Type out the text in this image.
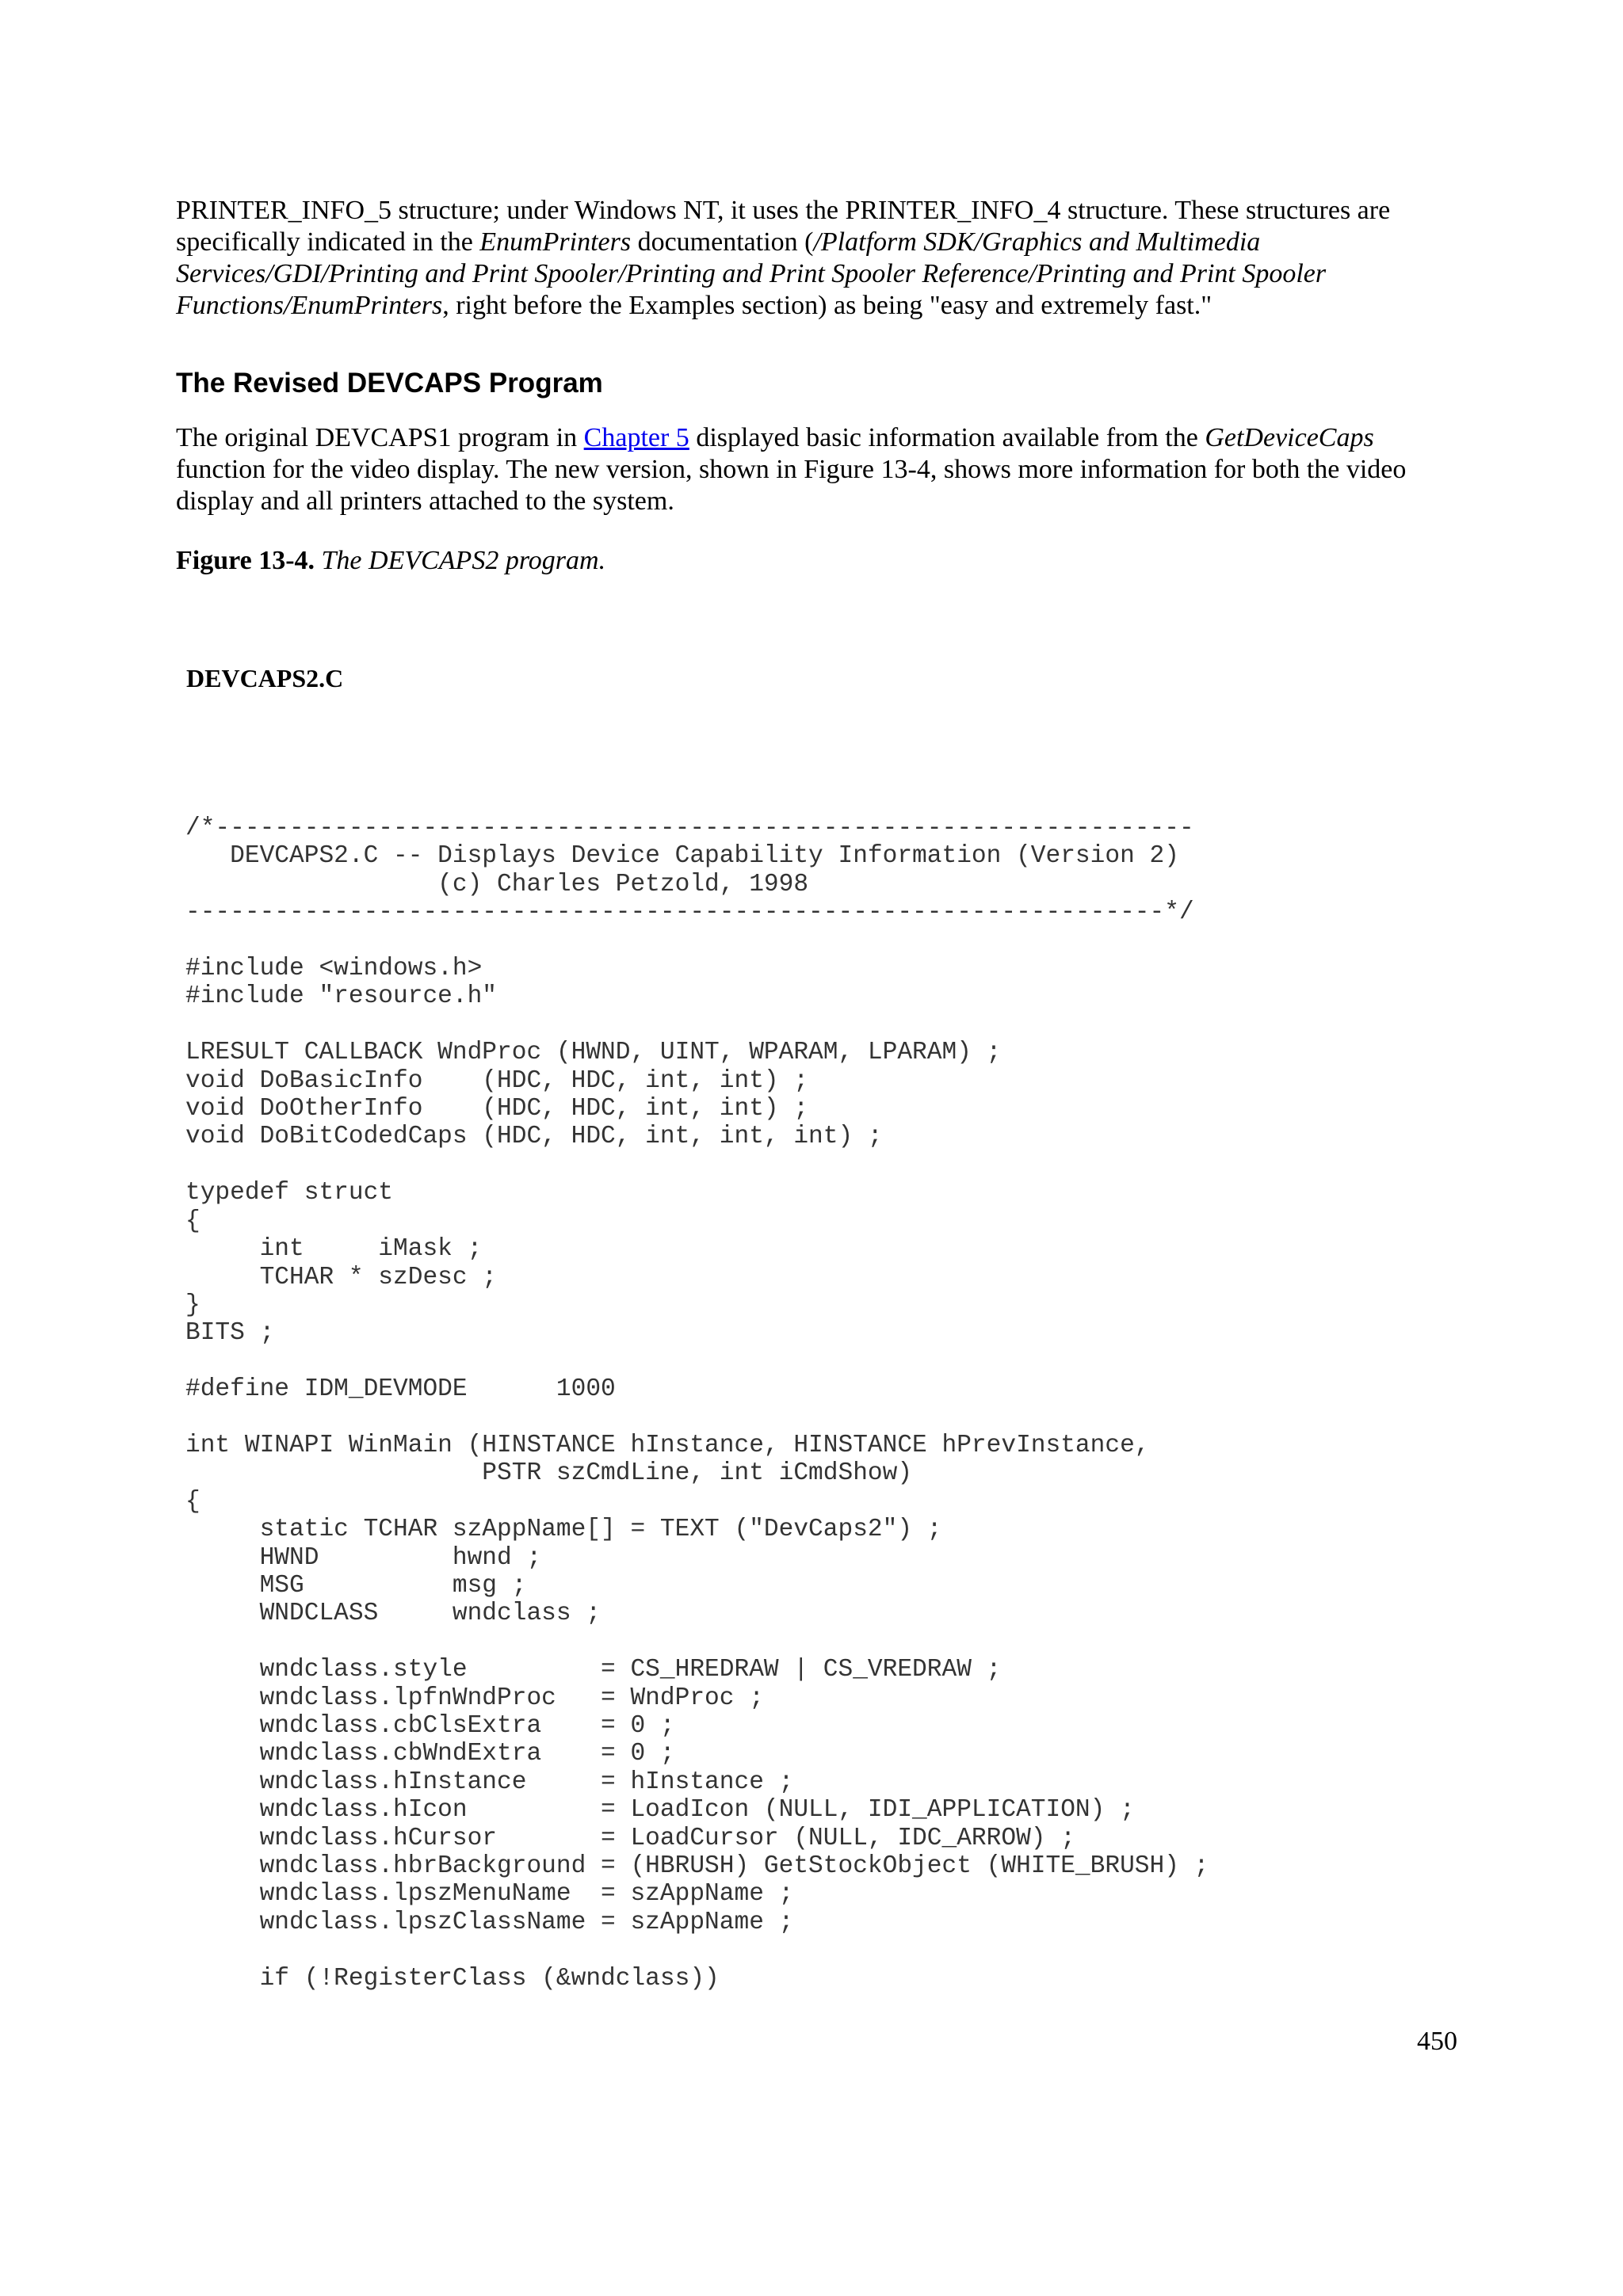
PRINTER_INFO_5 structure; under Windows NT, it uses the PRINTER_INFO_4 structure. These structures are specifically indicated in the EnumPrinters documentation (/Platform SDK/Graphics and Multimedia Services/GDI/Printing and Print Spooler/Printing and Print Spooler Reference/Printing and Print Spooler Functions/EnumPrinters, right before the Examples section) as being "easy and extremely fast."

The Revised DEVCAPS Program

The original DEVCAPS1 program in Chapter 5 displayed basic information available from the GetDeviceCaps function for the video display. The new version, shown in Figure 13-4, shows more information for both the video display and all printers attached to the system.

Figure 13-4. The DEVCAPS2 program.

DEVCAPS2.C

/*------------------------------------------------------------------
DEVCAPS2.C -- Displays Device Capability Information (Version 2)
(c) Charles Petzold, 1998
------------------------------------------------------------------*/

#include <windows.h>
#include "resource.h"

LRESULT CALLBACK WndProc (HWND, UINT, WPARAM, LPARAM) ;
void DoBasicInfo    (HDC, HDC, int, int) ;
void DoOtherInfo    (HDC, HDC, int, int) ;
void DoBitCodedCaps (HDC, HDC, int, int, int) ;

typedef struct
{
int     iMask ;
TCHAR * szDesc ;
}
BITS ;

#define IDM_DEVMODE      1000

int WINAPI WinMain (HINSTANCE hInstance, HINSTANCE hPrevInstance,
PSTR szCmdLine, int iCmdShow)
{
static TCHAR szAppName[] = TEXT ("DevCaps2") ;
HWND         hwnd ;
MSG          msg ;
WNDCLASS     wndclass ;

wndclass.style         = CS_HREDRAW | CS_VREDRAW ;
wndclass.lpfnWndProc   = WndProc ;
wndclass.cbClsExtra    = 0 ;
wndclass.cbWndExtra    = 0 ;
wndclass.hInstance     = hInstance ;
wndclass.hIcon         = LoadIcon (NULL, IDI_APPLICATION) ;
wndclass.hCursor       = LoadCursor (NULL, IDC_ARROW) ;
wndclass.hbrBackground = (HBRUSH) GetStockObject (WHITE_BRUSH) ;
wndclass.lpszMenuName  = szAppName ;
wndclass.lpszClassName = szAppName ;

if (!RegisterClass (&wndclass))

450
